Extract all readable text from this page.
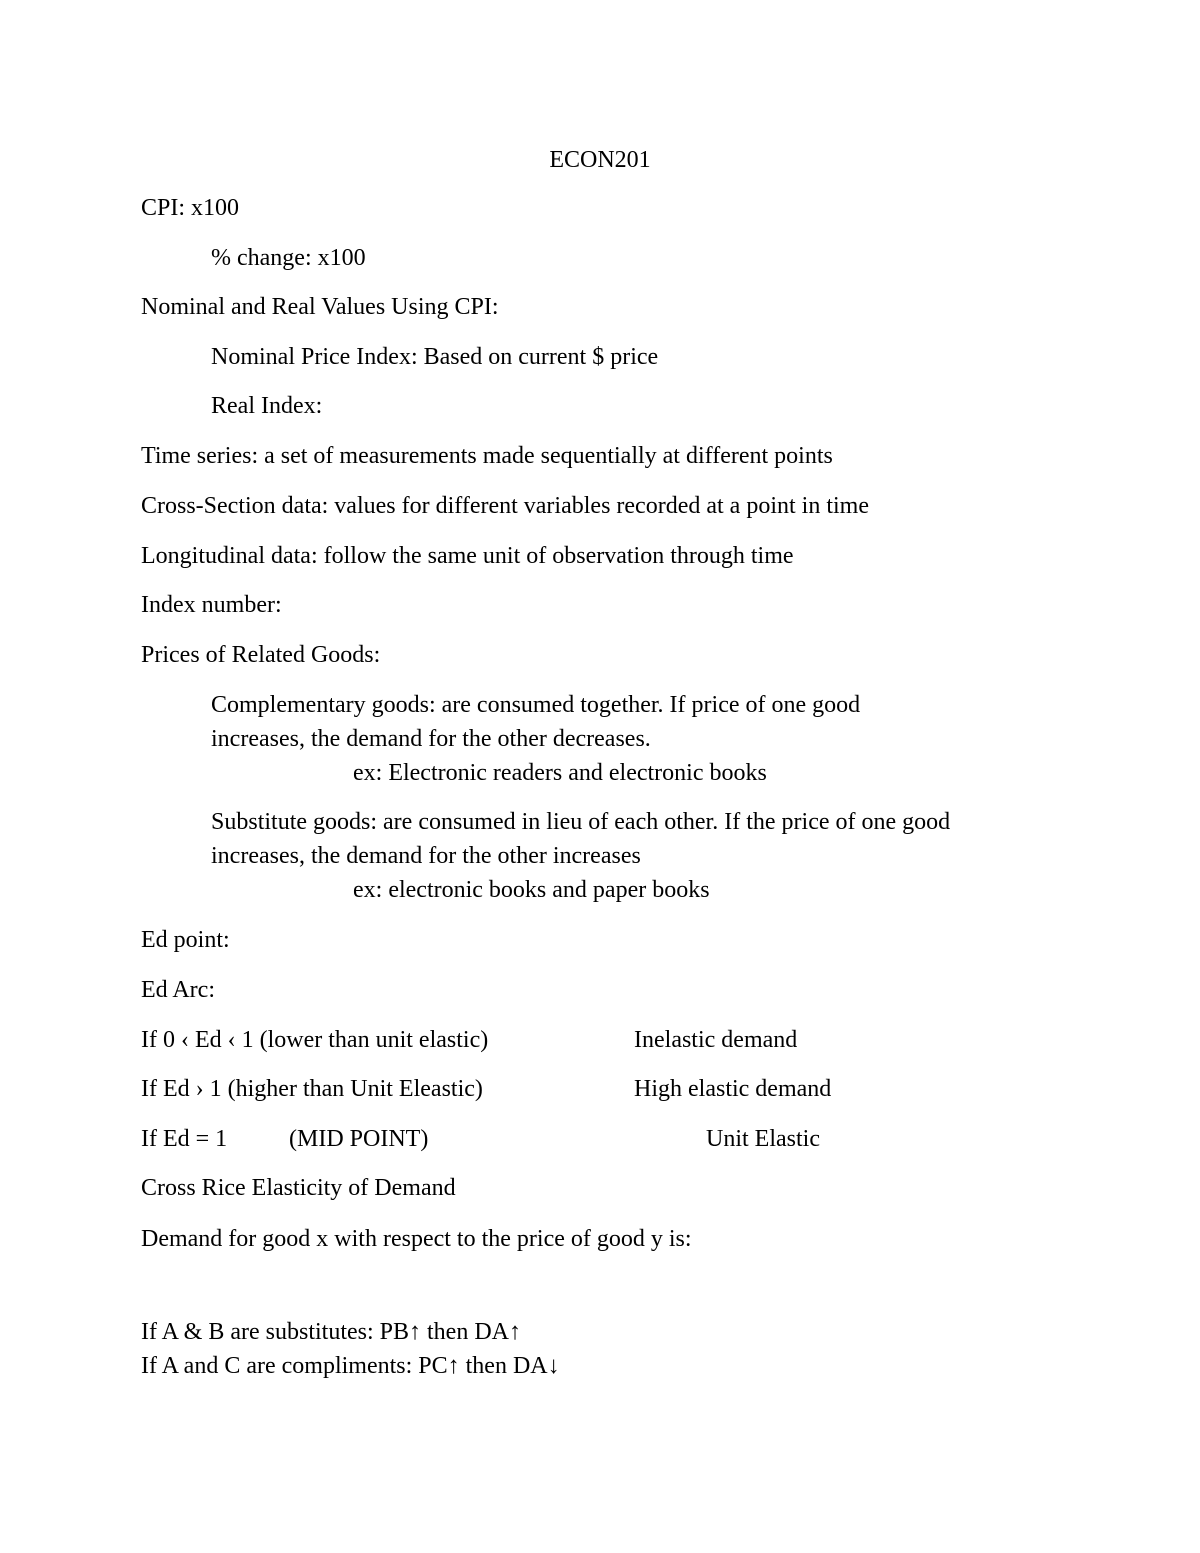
ECON201
CPI: x100
% change: x100
Nominal and Real Values Using CPI:
Nominal Price Index: Based on current $ price
Real Index:
Time series: a set of measurements made sequentially at different points
Cross-Section data: values for different variables recorded at a point in time
Longitudinal data: follow the same unit of observation through time
Index number:
Prices of Related Goods:
Complementary goods: are consumed together. If price of one good
increases, the demand for the other decreases.
ex: Electronic readers and electronic books
Substitute goods: are consumed in lieu of each other. If the price of one good
increases, the demand for the other increases
ex: electronic books and paper books
Ed point:
Ed Arc:
If 0 ‹ Ed ‹ 1 (lower than unit elastic)	Inelastic demand
If Ed › 1 (higher than Unit Eleastic)	High elastic demand
If Ed = 1	(MID POINT)	Unit Elastic
Cross Rice Elasticity of Demand
Demand for good x with respect to the price of good y is:
If A & B are substitutes: PB↑ then DA↑
If A and C are compliments: PC↑ then DA↓
